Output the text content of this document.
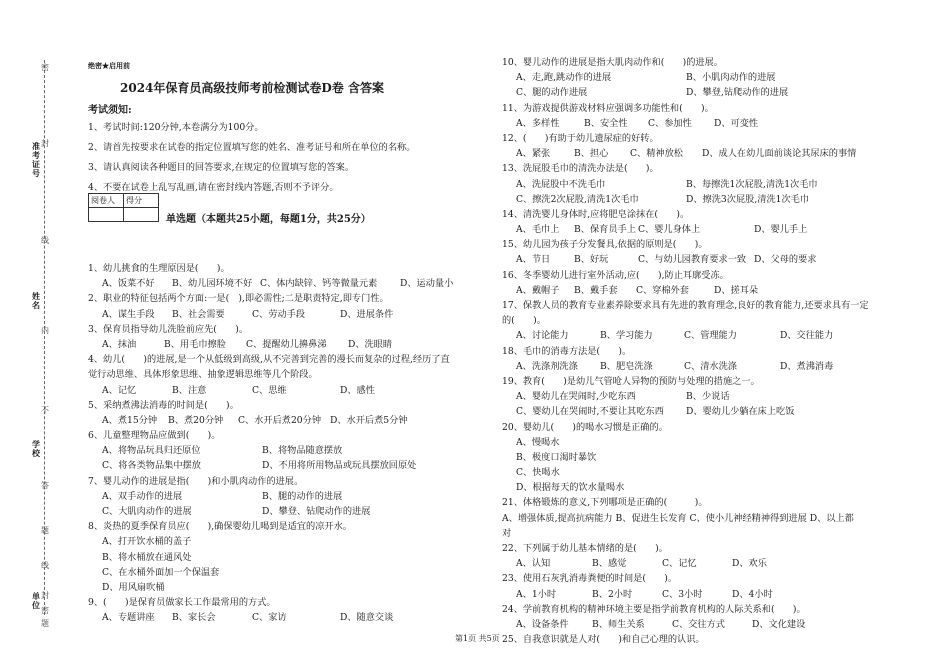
准考证号
姓名
学校
单位
密
封
线
内
不
答
题
线
封
密
题
绝密★启用前
2024年保育员高级技师考前检测试卷D卷 含答案
考试须知:
1、考试时间:120分钟,本卷满分为100分。
2、请首先按要求在试卷的指定位置填写您的姓名、准考证号和所在单位的名称。
3、请认真阅读各种题目的回答要求,在规定的位置填写您的答案。
4、不要在试卷上乱写乱画,请在密封线内答题,否则不予评分。
阅卷人	得分

单选题（本题共25小题，每题1分，共25分）
1、幼儿挑食的生理原因是(　　)。
A、饭菜不好 B、幼儿园环境不好 C、体内缺锌、钙等微量元素 D、运动量小
2、职业的特征包括两个方面:一是(　),即必需性;二是职责特定,即专门性。
A、谋生手段 B、社会需要	C、劳动手段	D、进展条件
3、保育员指导幼儿洗脸前应先(　　)。
A、抹油	B、用毛巾擦脸 C、提醒幼儿擤鼻涕 D、洗眼睛
4、幼儿(　　)的进展,是一个从低级到高级,从不完善到完善的漫长而复杂的过程,经历了直
觉行动思维、具体形象思维、抽象逻辑思维等几个阶段。
A、记忆	B、注意	C、思维	D、感性
5、采纳煮沸法消毒的时间是(　　)。
A、煮15分钟 B、煮20分钟 C、水开后煮20分钟 D、水开后煮5分钟
6、儿童整理物品应做到(　　)。
A、将物品玩具归还原位	B、将物品随意摆放
C、将各类物品集中摆放	D、不用将所用物品或玩具摆放回原处
7、婴儿动作的进展是指(　　)和小肌肉动作的进展。
A、双手动作的进展	B、腿的动作的进展
C、大肌肉动作的进展	D、攀登、钻爬动作的进展
8、炎热的夏季保育员应(　　),确保婴幼儿喝到是适宜的凉开水。
A、打开饮水桶的盖子
B、将水桶放在通风处
C、在水桶外面加一个保温套
D、用风扇吹桶
9、(　　)是保育员做家长工作最常用的方式。
A、专题讲座 B、家长会	C、家访	D、随意交谈
10、婴儿动作的进展是指大肌肉动作和(　　)的进展。
A、走,跑,跳动作的进展	B、小肌肉动作的进展
C、腿的动作进展	D、攀登,钻爬动作的进展
11、为游戏提供游戏材料应强调多功能性和(　　)。
A、多样性	B、安全性 C、参加性 D、可变性
12、(　　)有助于幼儿遗尿症的好转。
A、紧张	B、担心 C、精神放松 D、成人在幼儿面前谈论其尿床的事情
13、洗屁股毛巾的清洗办法是(　　)。
A、洗屁股中不洗毛巾	B、每擦洗1次屁股,清洗1次毛巾
C、擦洗2次屁股,清洗1次毛巾	D、擦洗3次屁股,清洗1次毛巾
14、清洗婴儿身体时,应将肥皂涂抹在(　　)。
A、毛巾上 B、保育员手上 C、婴儿身体上	D、婴儿手上
15、幼儿园为孩子分发餐具,依据的原则是(　　)。
A、节日	B、好玩	C、与幼儿园教育要求一致 D、父母的要求
16、冬季婴幼儿进行室外活动,应(　　),防止耳廓受冻。
A、戴帽子 B、戴手套 C、穿棉外套	D、搓耳朵
17、保教人员的教育专业素养除要求具有先进的教育理念,良好的教育能力,还要求具有一定
的(　　)。
A、讨论能力	B、学习能力	C、管理能力	D、交往能力
18、毛巾的消毒方法是(　　)。
A、洗涤剂洗涤 B、肥皂洗涤	C、清水洗涤	D、煮沸消毒
19、教育(　　)是幼儿气管呛人异物的预防与处理的措施之一。
A、婴幼儿在哭闹时,少吃东西	B、少说话
C、婴幼儿在哭闹时,不要让其吃东西 D、婴幼儿少躺在床上吃饭
20、婴幼儿(　　)的喝水习惯是正确的。
A、慢喝水
B、极度口渴时暴饮
C、快喝水
D、根据每天的饮水量喝水
21、体格锻炼的意义,下列哪项是正确的(　　　)。
A、增强体质,提高抗病能力 B、促进生长发育 C、使小儿神经精神得到进展 D、以上都
对
22、下列属于幼儿基本情绪的是(　　)。
A、认知	B、感觉	C、记忆	D、欢乐
23、使用石灰乳消毒粪便的时间是(　　)。
A、1小时	B、2小时	C、3小时	D、4小时
24、学前教育机构的精神环境主要是指学前教育机构的人际关系和(　　)。
A、设备条件	B、师生关系	C、交往方式	D、文化建设
25、自我意识就是人对(　　)和自己心理的认识。
第1页 共5页
